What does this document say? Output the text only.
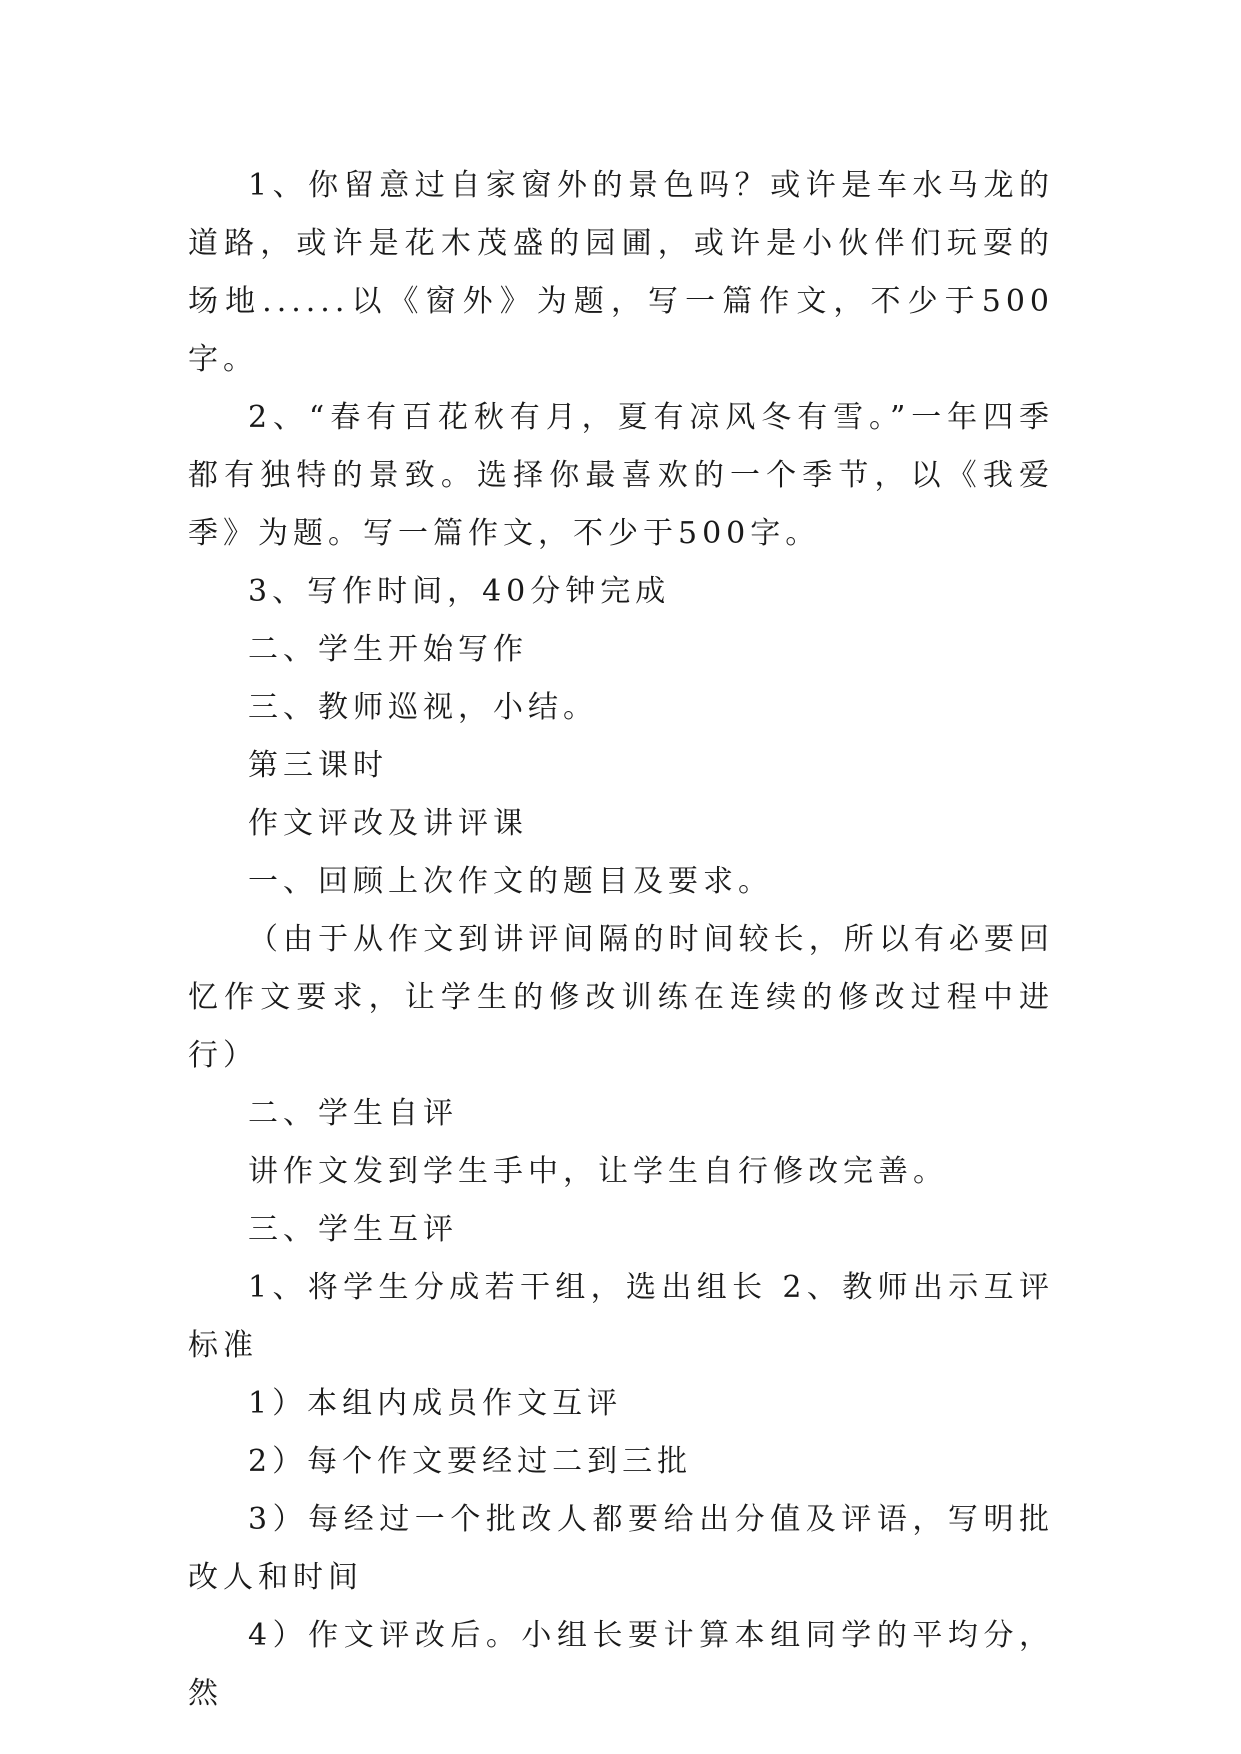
1、你留意过自家窗外的景色吗？或许是车水马龙的道路，或许是花木茂盛的园圃，或许是小伙伴们玩耍的场地......以《窗外》为题，写一篇作文，不少于500字。

2、“春有百花秋有月，夏有凉风冬有雪。”一年四季都有独特的景致。选择你最喜欢的一个季节，以《我爱 季》为题。写一篇作文，不少于500字。

3、写作时间，40分钟完成

二、学生开始写作

三、教师巡视，小结。

第三课时

作文评改及讲评课

一、回顾上次作文的题目及要求。

（由于从作文到讲评间隔的时间较长，所以有必要回忆作文要求，让学生的修改训练在连续的修改过程中进行）

二、学生自评

讲作文发到学生手中，让学生自行修改完善。

三、学生互评

1、将学生分成若干组，选出组长 2、教师出示互评标准

1）本组内成员作文互评

2）每个作文要经过二到三批

3）每经过一个批改人都要给出分值及评语，写明批改人和时间

4）作文评改后。小组长要计算本组同学的平均分，然
